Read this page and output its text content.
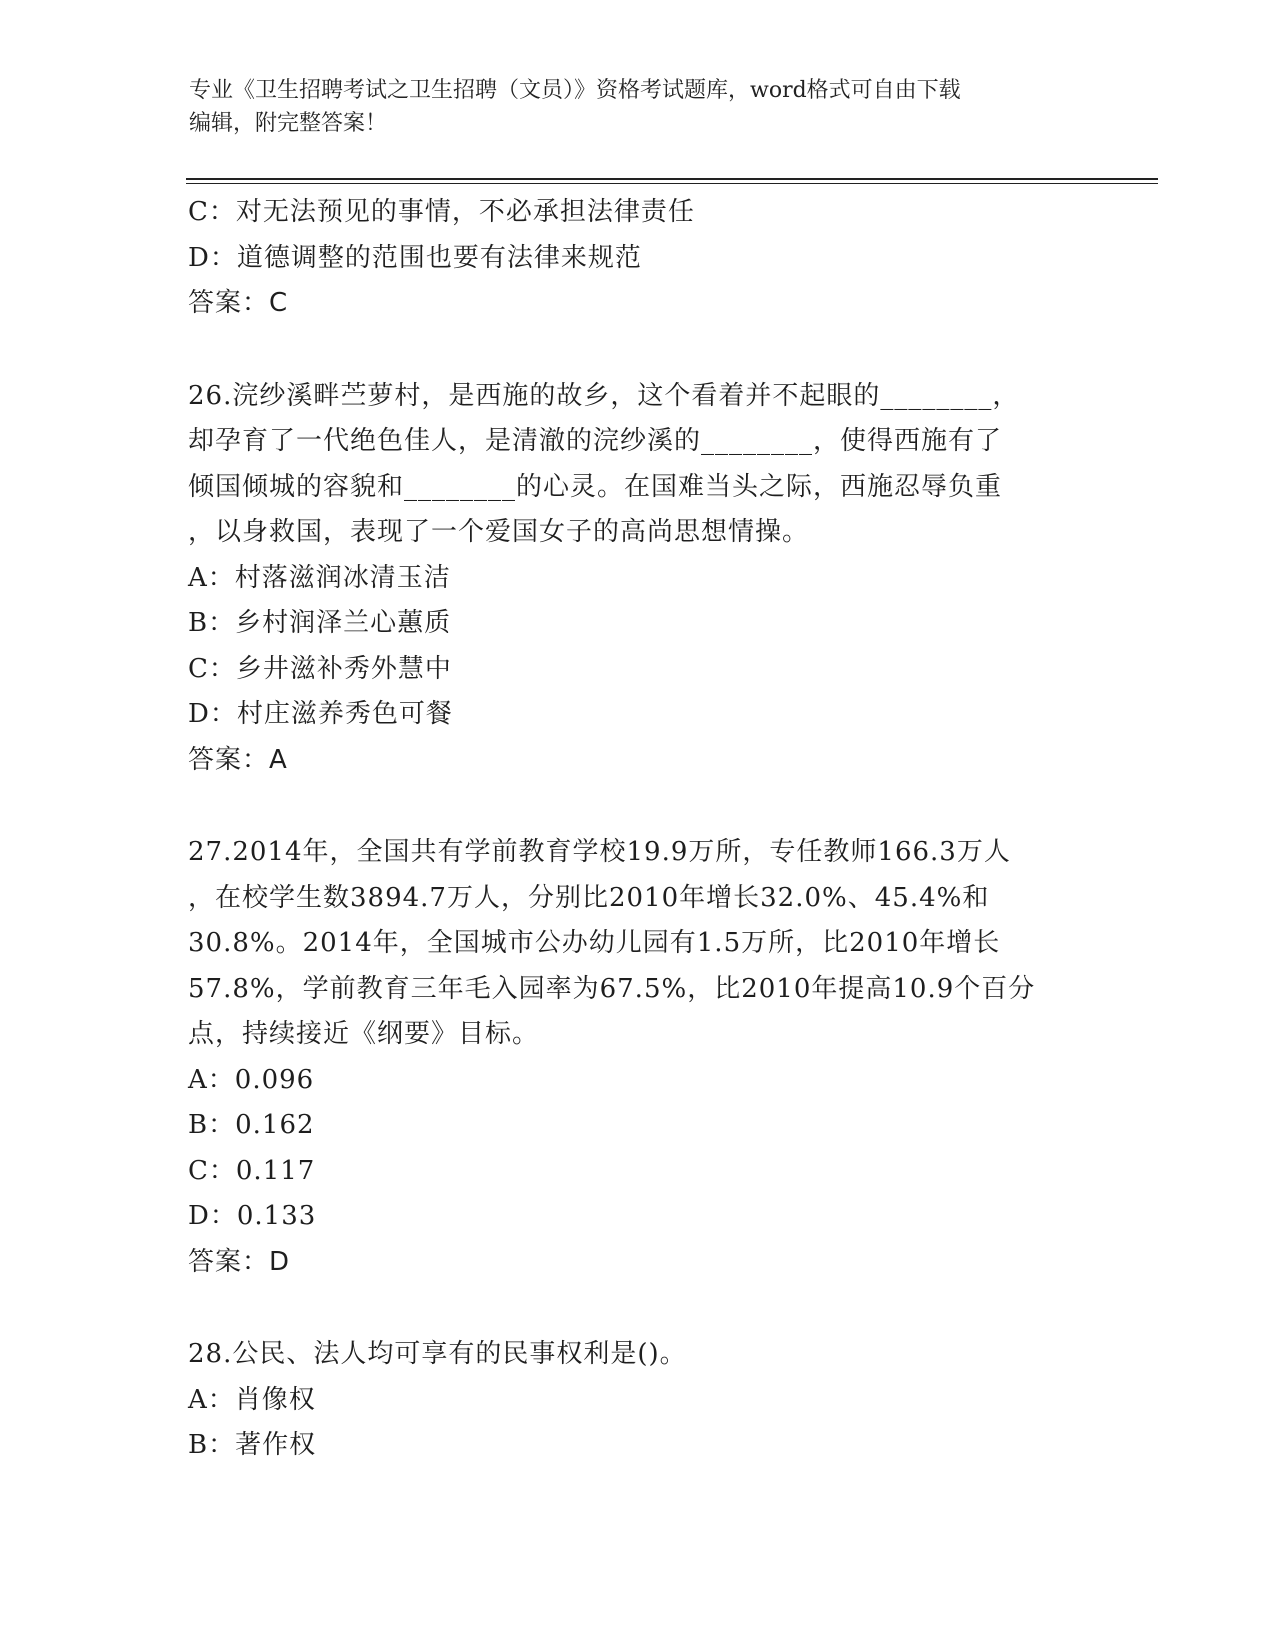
专业《卫生招聘考试之卫生招聘（文员）》资格考试题库，word格式可自由下载
编辑，附完整答案！
C：对无法预见的事情，不必承担法律责任
D：道德调整的范围也要有法律来规范
答案：C
26.浣纱溪畔苎萝村，是西施的故乡，这个看着并不起眼的________，
却孕育了一代绝色佳人，是清澈的浣纱溪的________，使得西施有了
倾国倾城的容貌和________的心灵。在国难当头之际，西施忍辱负重
，以身救国，表现了一个爱国女子的高尚思想情操。
A：村落滋润冰清玉洁
B：乡村润泽兰心蕙质
C：乡井滋补秀外慧中
D：村庄滋养秀色可餐
答案：A
27.2014年，全国共有学前教育学校19.9万所，专任教师166.3万人
，在校学生数3894.7万人，分别比2010年增长32.0%、45.4%和
30.8%。2014年，全国城市公办幼儿园有1.5万所，比2010年增长
57.8%，学前教育三年毛入园率为67.5%，比2010年提高10.9个百分
点，持续接近《纲要》目标。
A：0.096
B：0.162
C：0.117
D：0.133
答案：D
28.公民、法人均可享有的民事权利是()。
A：肖像权
B：著作权
